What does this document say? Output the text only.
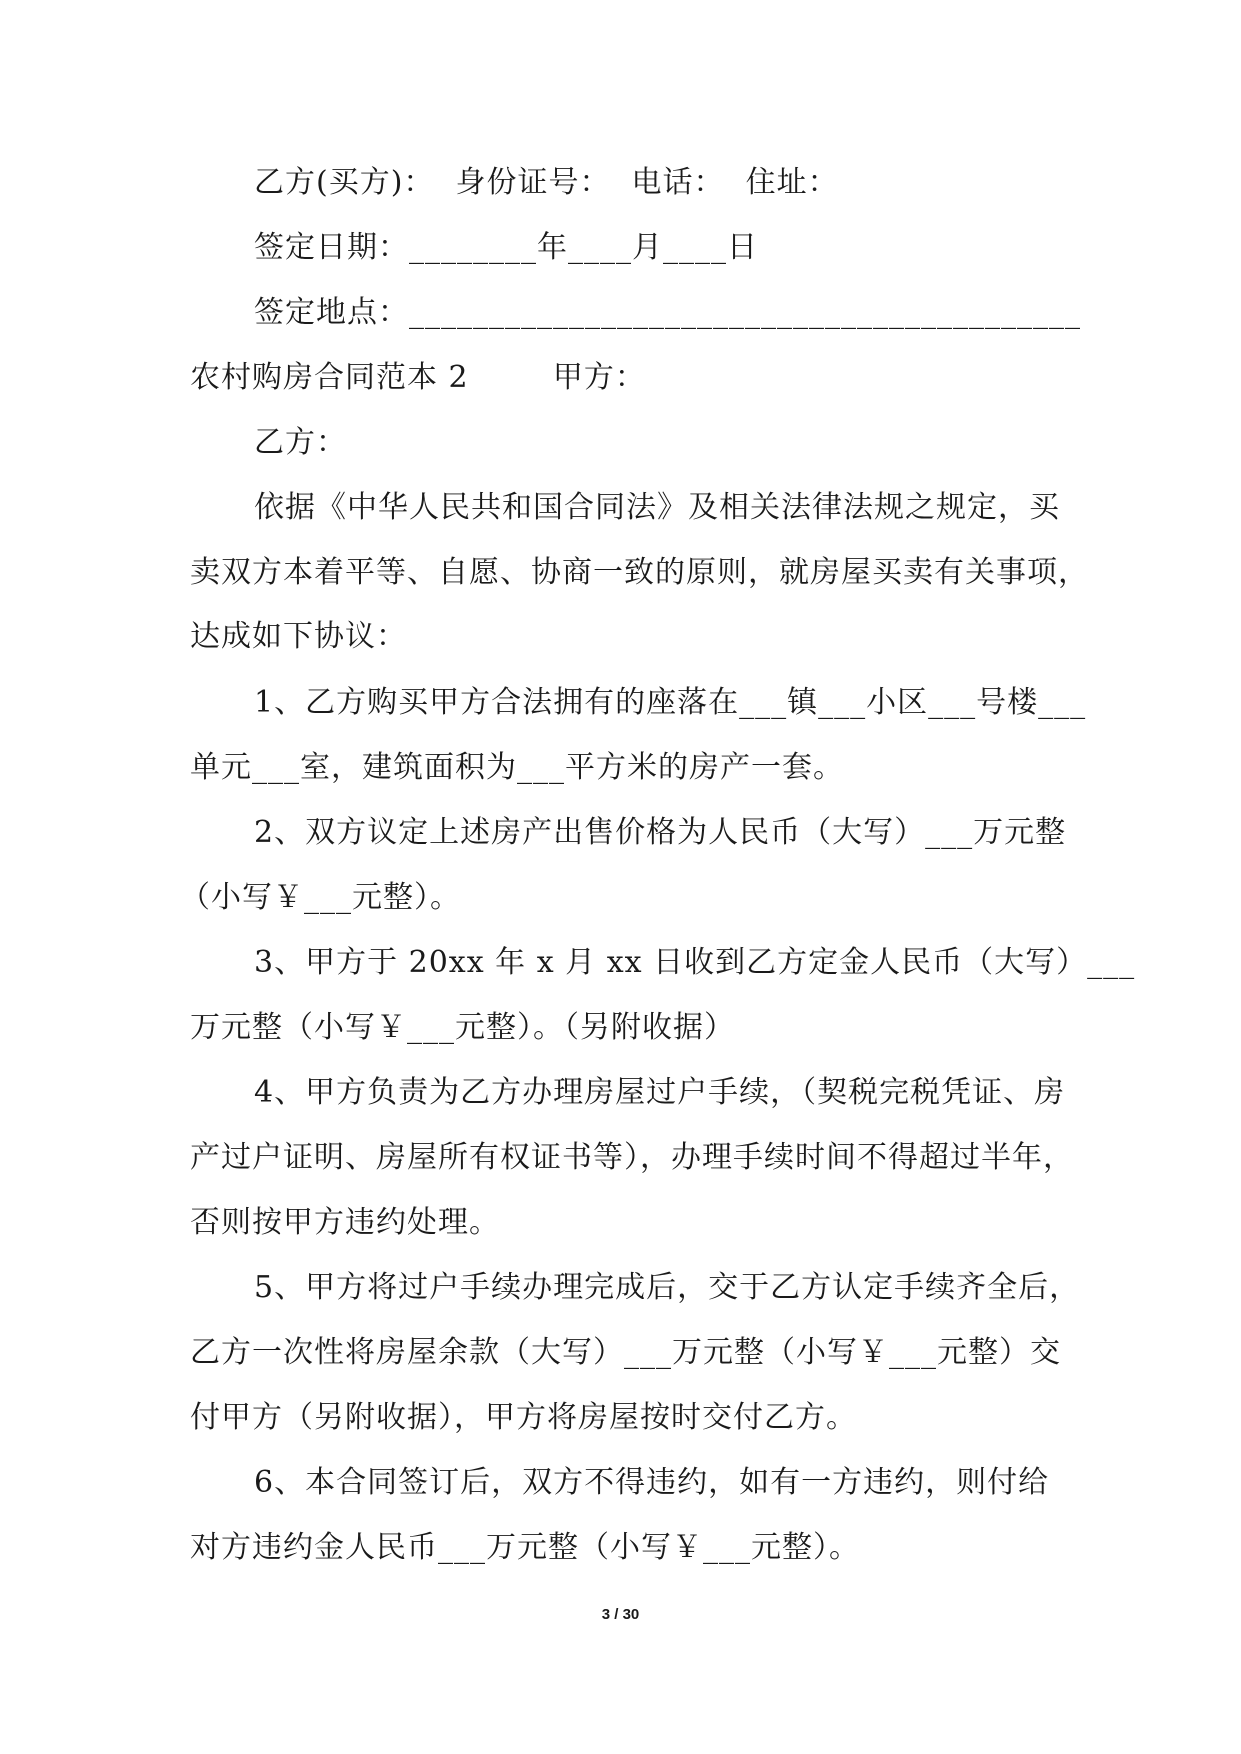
乙方(买方)：  身份证号：  电话：  住址：
签定日期：________年____月____日
签定地点：__________________________________________
农村购房合同范本 2        甲方：
乙方：
依据《中华人民共和国合同法》及相关法律法规之规定，买
卖双方本着平等、自愿、协商一致的原则，就房屋买卖有关事项，
达成如下协议：
1、乙方购买甲方合法拥有的座落在___镇___小区___号楼___
单元___室，建筑面积为___平方米的房产一套。
2、双方议定上述房产出售价格为人民币（大写）___万元整
（小写￥___元整）。
3、甲方于 20xx 年 x 月 xx 日收到乙方定金人民币（大写）___
万元整（小写￥___元整）。（另附收据）
4、甲方负责为乙方办理房屋过户手续，（契税完税凭证、房
产过户证明、房屋所有权证书等），办理手续时间不得超过半年，
否则按甲方违约处理。
5、甲方将过户手续办理完成后，交于乙方认定手续齐全后，
乙方一次性将房屋余款（大写）___万元整（小写￥___元整）交
付甲方（另附收据），甲方将房屋按时交付乙方。
6、本合同签订后，双方不得违约，如有一方违约，则付给
对方违约金人民币___万元整（小写￥___元整）。
3 / 30
